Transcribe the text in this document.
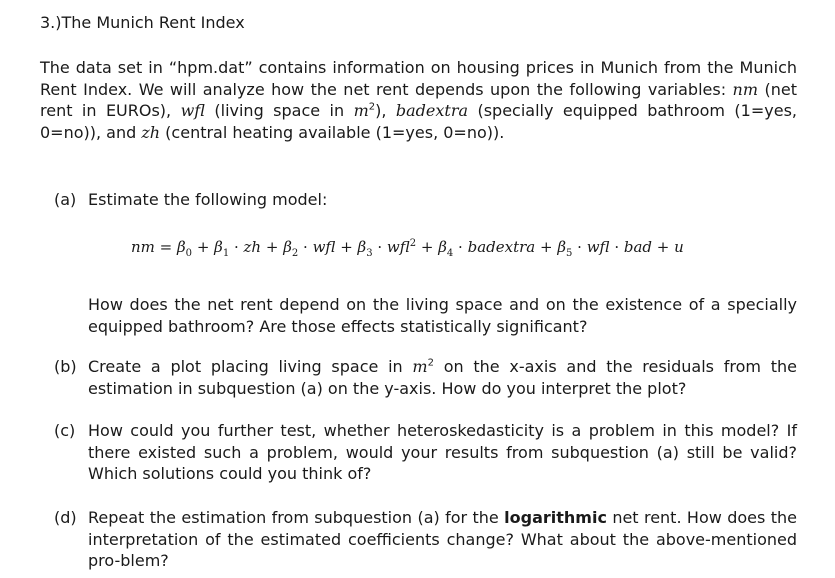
3.)The Munich Rent Index
The data set in “hpm.dat” contains information on housing prices in Munich from the Munich Rent Index. We will analyze how the net rent depends upon the following variables: nm (net rent in EUROs), wfl (living space in $m^2$), badextra (specially equipped bathroom (1=yes, 0=no)), and zh (central heating available (1=yes, 0=no)).
(a) Estimate the following model:
nm = $\beta_0 + \beta_1$ · zh + $\beta_2$ · wfl + $\beta_3 \cdot wfl^2 + \beta_4$ · badextra + $\beta_5$ · wfl · bad + u
How does the net rent depend on the living space and on the existence of a specially equipped bathroom? Are those effects statistically significant?
(b) Create a plot placing living space in $m^2$ on the x-axis and the residuals from the estimation in subquestion (a) on the y-axis. How do you interpret the plot?
(c) How could you further test, whether heteroskedasticity is a problem in this model? If there existed such a problem, would your results from subquestion (a) still be valid? Which solutions could you think of?
(d) Repeat the estimation from subquestion (a) for the logarithmic net rent. How does the interpretation of the estimated coefficients change? What about the above-mentioned pro-blem?
